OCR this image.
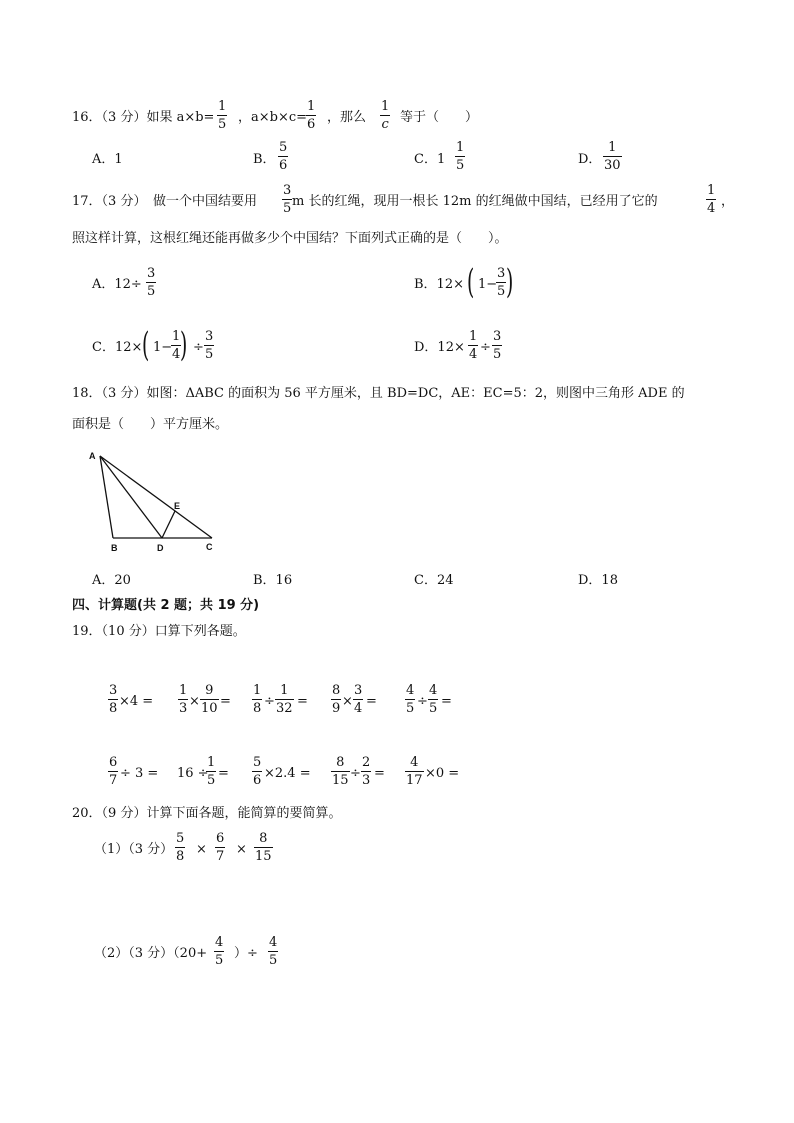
16．（3 分）如果 a×b=
1
5 ，a×b×c=
1
6 ，那么
1
c 等于（　　）
A．1	B．
5
6	C．1
1
5	D．
1
30
17．（3 分）　做一个中国结要用
3
5 m 长的红绳，现用一根长 12m 的红绳做中国结，已经用了它的
1
4 ，
照这样计算，这根红绳还能再做多少个中国结？下面列式正确的是（　　）。
A．12÷
3
5	B．12× ( 1−
3
5 )
C．12× ( 1−
1
4 ) ÷
3
5	D．12×
1
4 ÷
3
5
18．（3 分）如图：ΔABC 的面积为 56 平方厘米，且 BD=DC，AE：EC=5：2，则图中三角形 ADE 的
面积是（　　）平方厘米。
A
B	D	C
E
A．20	B．16	C．24	D．18
四、计算题(共 2 题；共 19 分)
19．（10 分）口算下列各题。
3
8 ×4 =
1
3 ×
9
10 =
1
8 ÷
1
32 =
8
9 ×
3
4 =
4
5 ÷
4
5 =
6
7 ÷ 3 = 16 ÷
1
5 =
5
6 ×2.4 =
8
15 ÷
2
3 =
4
17 ×0 =
20．（9 分）计算下面各题，能简算的要简算。
（1）（3 分）
5
8 ×
6
7 ×
8
15
（2）（3 分）（20+
4
5 ）÷
4
5
